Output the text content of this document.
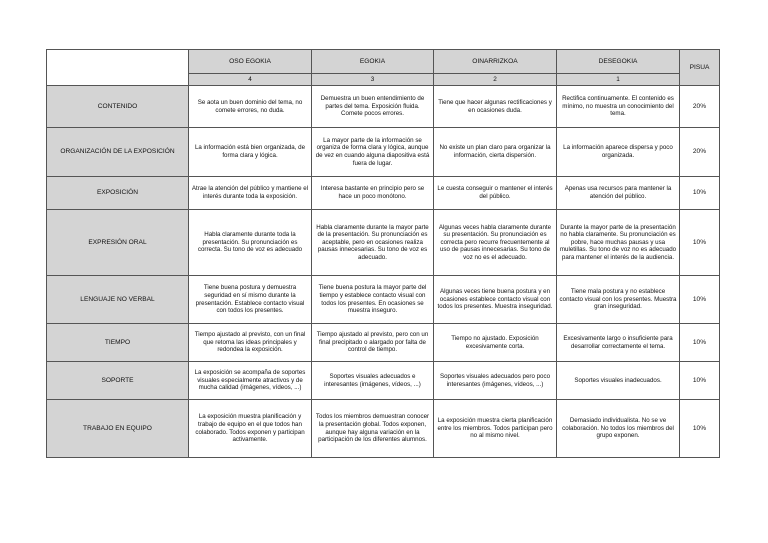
	OSO EGOKIA	EGOKIA	OINARRIZKOA	DESEGOKIA	PISUA
	4	3	2	1	
CONTENIDO	Se aota un buen dominio del tema, no comete errores, no duda.	Demuestra un buen entendimiento de partes del tema. Exposición fluida. Comete pocos errores.	Tiene que hacer algunas rectificaciones y en ocasiones duda.	Rectifica continuamente. El contenido es mínimo, no muestra un conocimiento del tema.	20%
ORGANIZACIÓN DE LA EXPOSICIÓN	La información está bien organizada, de forma clara y lógica.	La mayor parte de la información se organiza de forma clara y lógica, aunque de vez en cuando alguna diapositiva está fuera de lugar.	No existe un plan claro para organizar la información, cierta dispersión.	La información aparece dispersa y poco organizada.	20%
EXPOSICIÓN	Atrae la atención del público y mantiene el interés durante toda la exposición.	Interesa bastante en principio pero se hace un poco monótono.	Le cuesta conseguir o mantener el interés del público.	Apenas usa recursos para mantener la atención del público.	10%
EXPRESIÓN ORAL	Habla claramente durante toda la presentación. Su pronunciación es correcta. Su tono de voz es adecuado	Habla claramente durante la mayor parte de la presentación. Su pronunciación es aceptable, pero en ocasiones realiza pausas innecesarias. Su tono de voz es adecuado.	Algunas veces habla claramente durante su presentación. Su pronunciación es correcta pero recurre frecuentemente al uso de pausas innecesarias. Su tono de voz no es el adecuado.	Durante la mayor parte de la presentación no habla claramente. Su pronunciación es pobre, hace muchas pausas y usa muletillas. Su tono de voz no es adecuado para mantener el interés de la audiencia.	10%
LENGUAJE NO VERBAL	Tiene buena postura y demuestra seguridad en sí mismo durante la presentación. Establece contacto visual con todos los presentes.	Tiene buena postura la mayor parte del tiempo y establece contacto visual con todos los presentes. En ocasiones se muestra inseguro.	Algunas veces tiene buena postura y en ocasiones establece contacto visual con todos los presentes. Muestra inseguridad.	Tiene mala postura y no establece contacto visual con los presentes. Muestra gran inseguridad.	10%
TIEMPO	Tiempo ajustado al previsto, con un final que retoma las ideas principales y redondea la exposición.	Tiempo ajustado al previsto, pero con un final precipitado o alargado por falta de control de tiempo.	Tiempo no ajustado. Exposición excesivamente corta.	Excesivamente largo o insuficiente para desarrollar correctamente el tema.	10%
SOPORTE	La exposición se acompaña de soportes visuales especialmente atractivos y de mucha calidad (imágenes, vídeos, ...)	Soportes visuales adecuados e interesantes (imágenes, vídeos, ...)	Soportes visuales adecuados pero poco interesantes (imágenes, vídeos, ...)	Soportes visuales inadecuados.	10%
TRABAJO EN EQUIPO	La exposición muestra planificación y trabajo de equipo en el que todos han colaborado. Todos exponen y participan activamente.	Todos los miembros demuestran conocer la presentación global. Todos exponen, aunque hay alguna variación en la participación de los diferentes alumnos.	La exposición muestra cierta planificación entre los miembros. Todos participan pero no al mismo nivel.	Demasiado individualista. No se ve colaboración. No todos los miembros del grupo exponen.	10%
